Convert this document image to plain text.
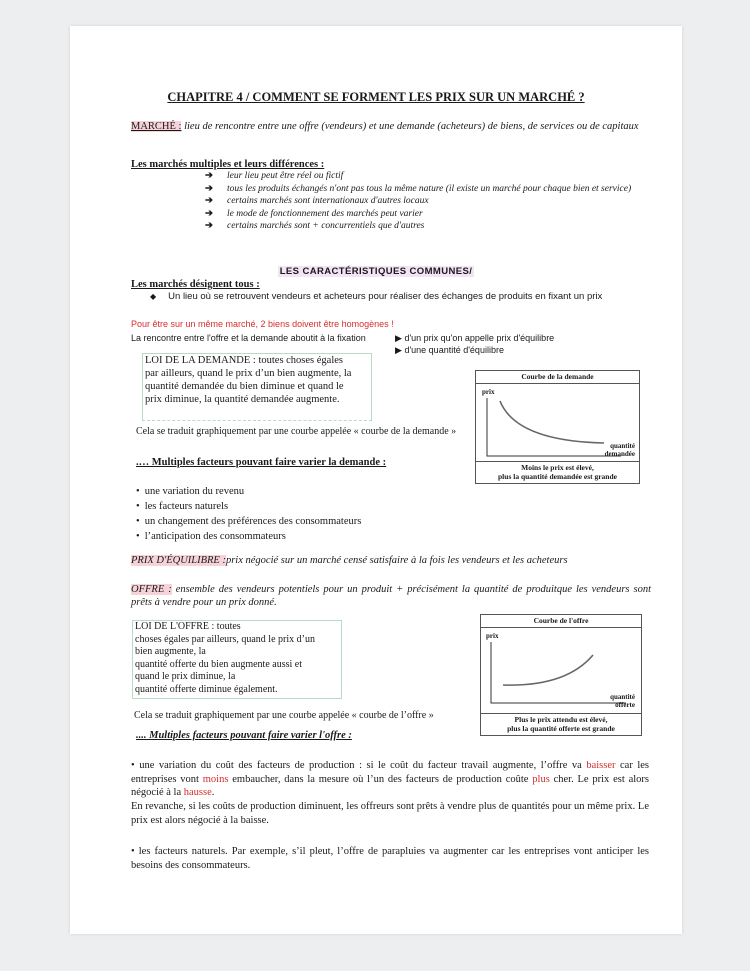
CHAPITRE 4 / COMMENT SE FORMENT LES PRIX SUR UN MARCHÉ ?
MARCHÉ : lieu de rencontre entre une offre (vendeurs) et une demande (acheteurs) de biens, de services ou de capitaux
Les marchés multiples et leurs différences :
➔	leur lieu peut être réel ou fictif
➔	tous les produits échangés n'ont pas tous la même nature (il existe un marché pour chaque bien et service)
➔	certains marchés sont internationaux d'autres locaux
➔	le mode de fonctionnement des marchés peut varier
➔	certains marchés sont + concurrentiels que d'autres
LES CARACTÉRISTIQUES COMMUNES/
Les marchés désignent tous :
◆ Un lieu où se retrouvent vendeurs et acheteurs pour réaliser des échanges de produits en fixant un prix
Pour être sur un même marché, 2 biens doivent être homogènes !
La rencontre entre l'offre et la demande aboutit à la fixation	▶ d'un prix qu'on appelle prix d'équilibre
▶ d'une quantité d'équilibre
LOI DE LA DEMANDE : toutes choses égales
par ailleurs, quand le prix d’un bien augmente, la
quantité demandée du bien diminue et quand le
prix diminue, la quantité demandée augmente.
Cela se traduit graphiquement par une courbe appelée « courbe de la demande »
.… Multiples facteurs pouvant faire varier la demande :
Courbe de la demande
prix
quantité
demandée
Moins le prix est élevé,
plus la quantité demandée est grande
• une variation du revenu
• les facteurs naturels
• un changement des préférences des consommateurs
• l’anticipation des consommateurs
PRIX D'ÉQUILIBRE :prix négocié sur un marché censé satisfaire à la fois les vendeurs et les acheteurs
OFFRE : ensemble des vendeurs potentiels pour un produit + précisément la quantité de produitque les vendeurs sont prêts à vendre pour un prix donné.
LOI DE L'OFFRE : toutes
choses égales par ailleurs, quand le prix d’un
bien augmente, la
quantité offerte du bien augmente aussi et
quand le prix diminue, la
quantité offerte diminue également.
Cela se traduit graphiquement par une courbe appelée « courbe de l’offre »
.... Multiples facteurs pouvant faire varier l'offre :
Courbe de l'offre
prix
quantité
offerte
Plus le prix attendu est élevé,
plus la quantité offerte est grande
• une variation du coût des facteurs de production : si le coût du facteur travail augmente, l’offre va baisser car les entreprises vont moins embaucher, dans la mesure où l’un des facteurs de production coûte plus cher. Le prix est alors négocié à la hausse.
En revanche, si les coûts de production diminuent, les offreurs sont prêts à vendre plus de quantités pour un même prix. Le prix est alors négocié à la baisse.
• les facteurs naturels. Par exemple, s’il pleut, l’offre de parapluies va augmenter car les entreprises vont anticiper les besoins des consommateurs.
